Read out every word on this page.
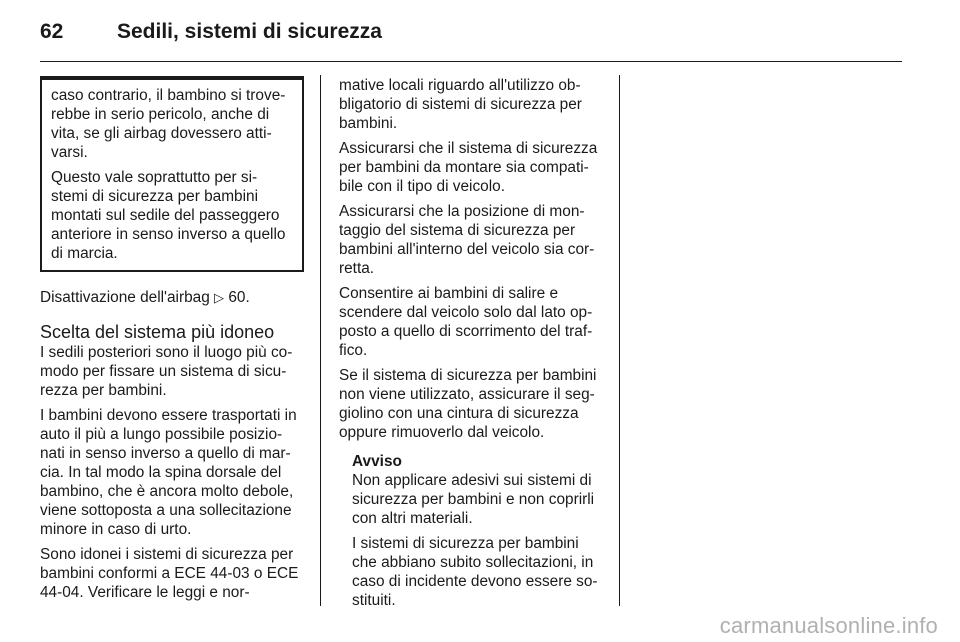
62	Sedili, sistemi di sicurezza

caso contrario, il bambino si trove-rebbe in serio pericolo, anche di vita, se gli airbag dovessero atti-varsi.

Questo vale soprattutto per si-stemi di sicurezza per bambini montati sul sedile del passeggero anteriore in senso inverso a quello di marcia.

Disattivazione dell'airbag ▷ 60.
Scelta del sistema più idoneo

I sedili posteriori sono il luogo più co-modo per fissare un sistema di sicu-rezza per bambini.

I bambini devono essere trasportati in auto il più a lungo possibile posizio-nati in senso inverso a quello di mar-cia. In tal modo la spina dorsale del bambino, che è ancora molto debole, viene sottoposta a una sollecitazione minore in caso di urto.

Sono idonei i sistemi di sicurezza per bambini conformi a ECE 44-03 o ECE 44-04. Verificare le leggi e nor-

mative locali riguardo all'utilizzo ob-bligatorio di sistemi di sicurezza per bambini.

Assicurarsi che il sistema di sicurezza per bambini da montare sia compati-bile con il tipo di veicolo.

Assicurarsi che la posizione di mon-taggio del sistema di sicurezza per bambini all'interno del veicolo sia cor-retta.

Consentire ai bambini di salire e scendere dal veicolo solo dal lato op-posto a quello di scorrimento del traf-fico.

Se il sistema di sicurezza per bambini non viene utilizzato, assicurare il seg-giolino con una cintura di sicurezza oppure rimuoverlo dal veicolo.

Avviso

Non applicare adesivi sui sistemi di sicurezza per bambini e non coprirli con altri materiali.

I sistemi di sicurezza per bambini che abbiano subito sollecitazioni, in caso di incidente devono essere so-stituiti.

carmanualsonline.info
